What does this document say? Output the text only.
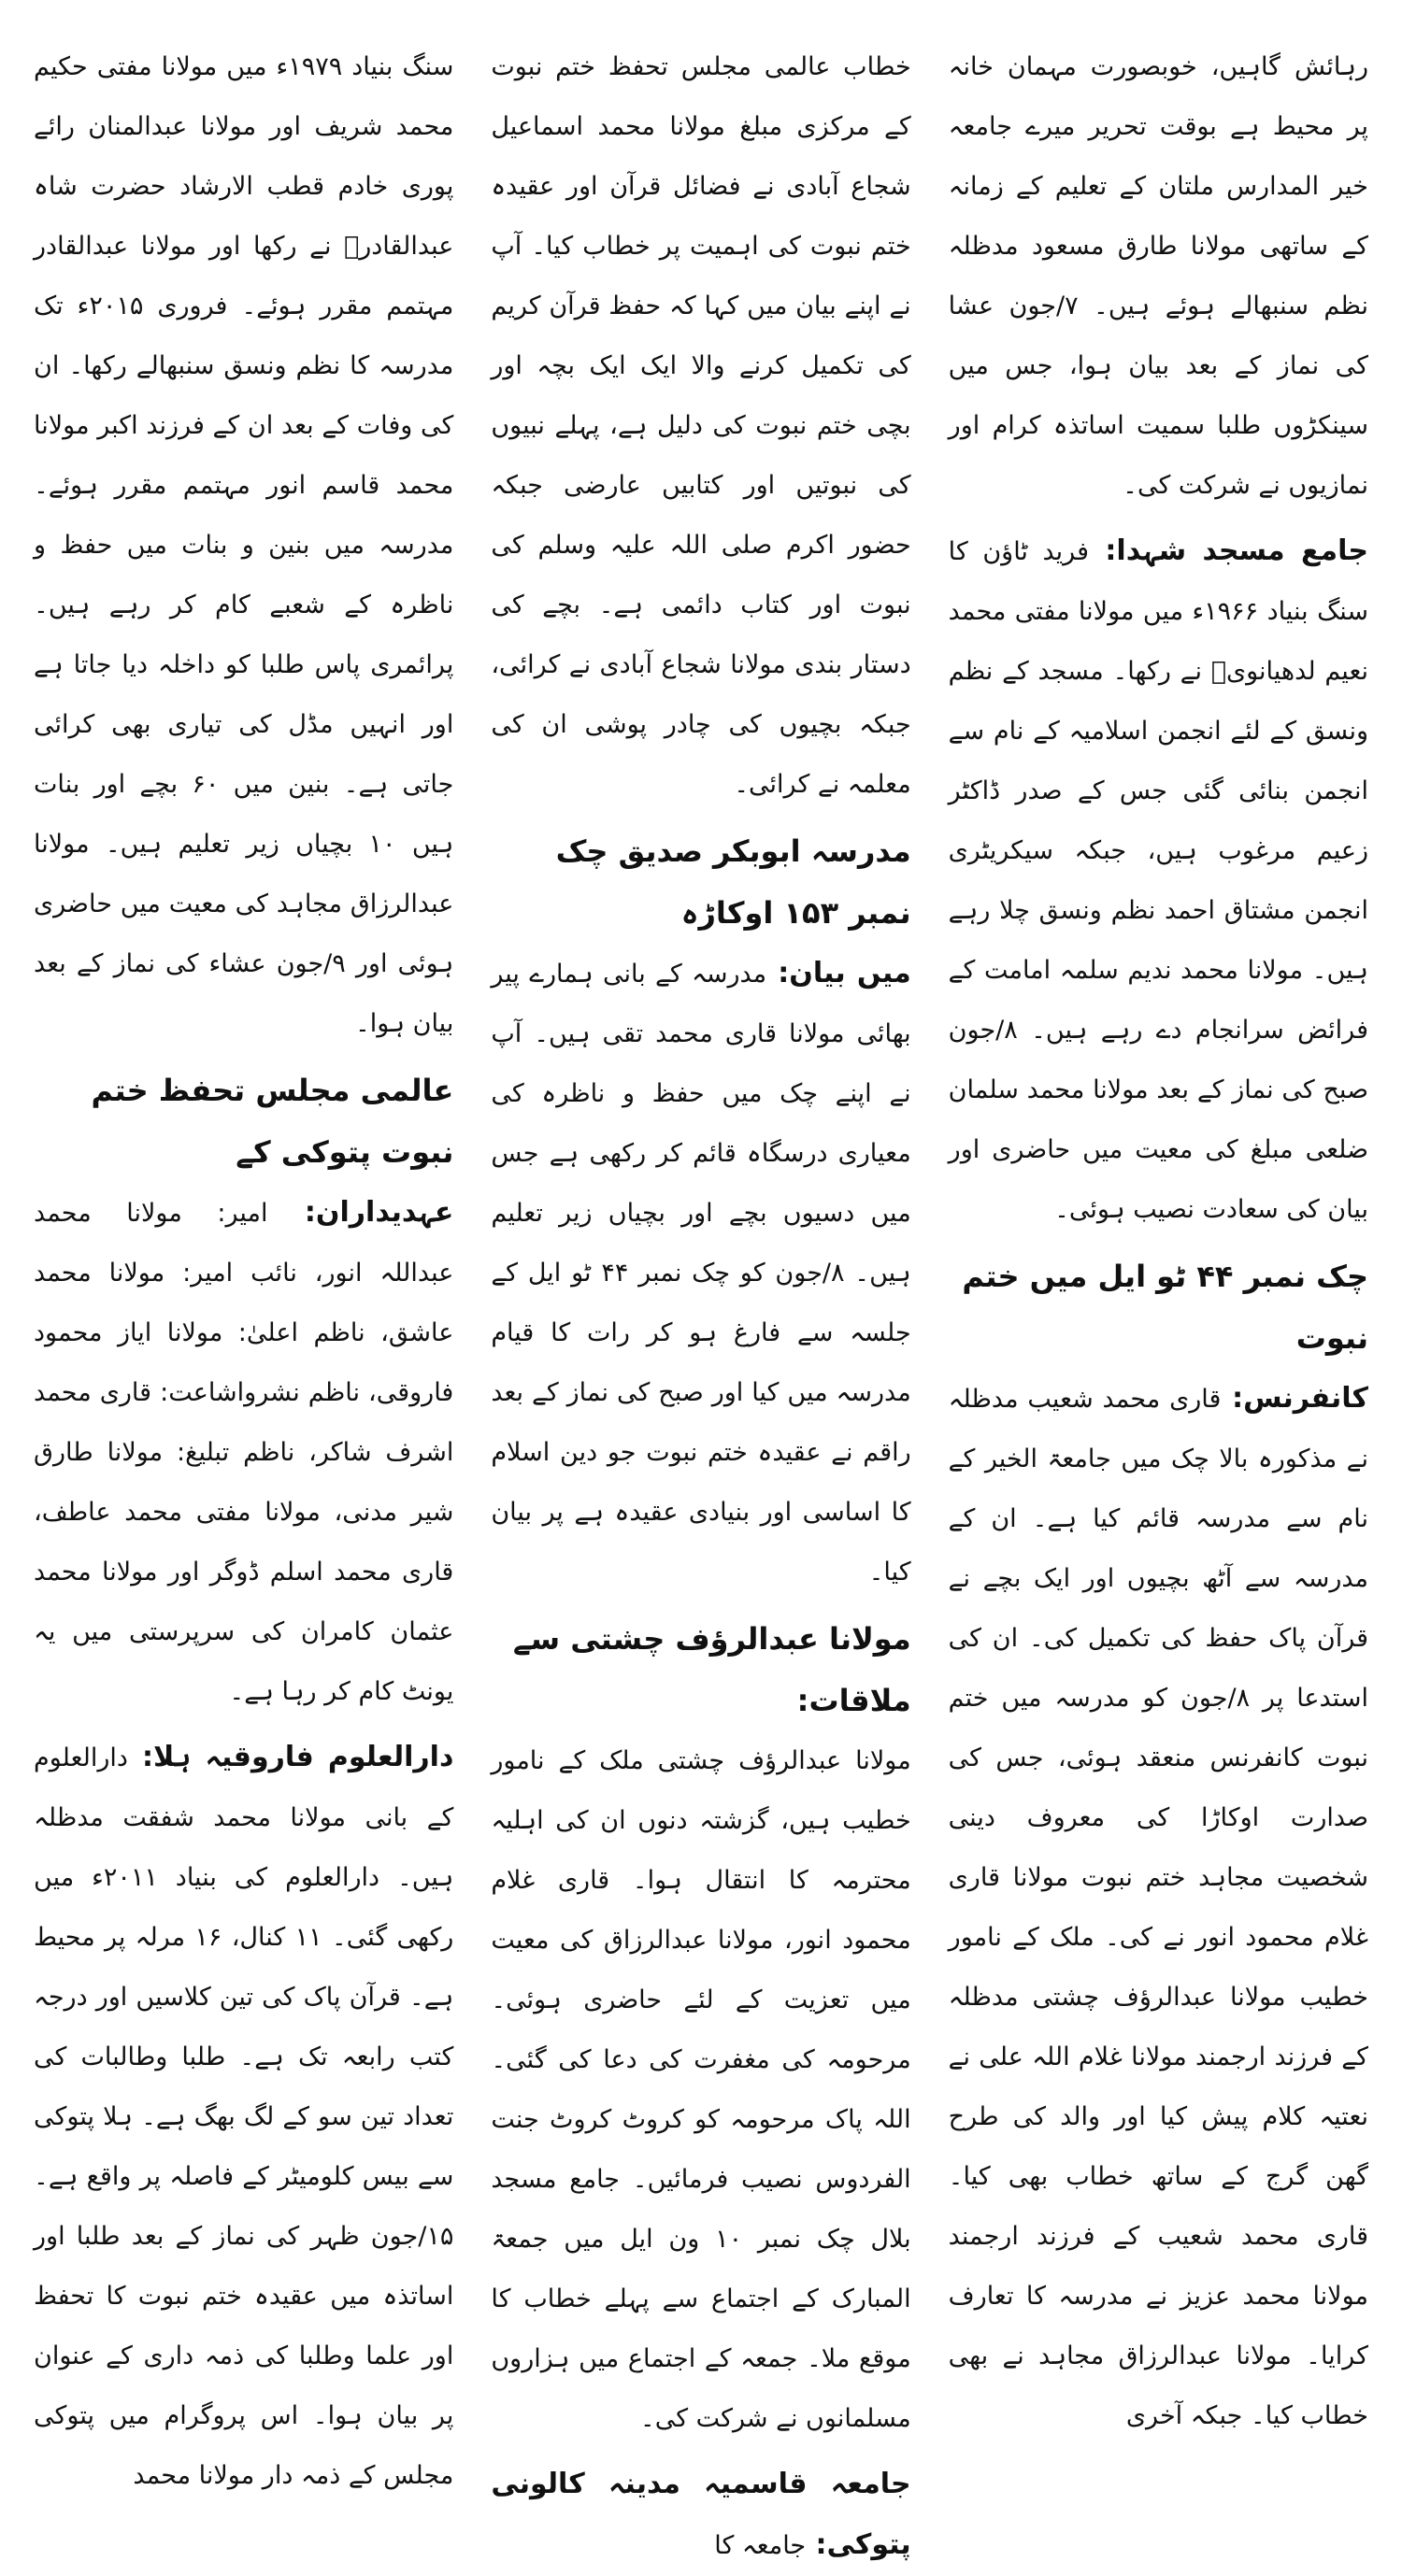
رہائش گاہیں، خوبصورت مہمان خانہ پر محیط ہے بوقت تحریر میرے جامعہ خیر المدارس ملتان کے تعلیم کے زمانہ کے ساتھی مولانا طارق مسعود مدظلہ نظم سنبھالے ہوئے ہیں۔ ۷/جون عشا کی نماز کے بعد بیان ہوا، جس میں سینکڑوں طلبا سمیت اساتذہ کرام اور نمازیوں نے شرکت کی۔

جامع مسجد شہدا: فرید ٹاؤن کا سنگ بنیاد ۱۹۶۶ء میں مولانا مفتی محمد نعیم لدھیانویؒ نے رکھا۔ مسجد کے نظم ونسق کے لئے انجمن اسلامیہ کے نام سے انجمن بنائی گئی جس کے صدر ڈاکٹر زعیم مرغوب ہیں، جبکہ سیکریٹری انجمن مشتاق احمد نظم ونسق چلا رہے ہیں۔ مولانا محمد ندیم سلمہ امامت کے فرائض سرانجام دے رہے ہیں۔ ۸/جون صبح کی نماز کے بعد مولانا محمد سلمان ضلعی مبلغ کی معیت میں حاضری اور بیان کی سعادت نصیب ہوئی۔

چک نمبر ۴۴ ٹو ایل میں ختم نبوت

کانفرنس: قاری محمد شعیب مدظلہ نے مذکورہ بالا چک میں جامعۃ الخیر کے نام سے مدرسہ قائم کیا ہے۔ ان کے مدرسہ سے آٹھ بچیوں اور ایک بچے نے قرآن پاک حفظ کی تکمیل کی۔ ان کی استدعا پر ۸/جون کو مدرسہ میں ختم نبوت کانفرنس منعقد ہوئی، جس کی صدارت اوکاڑا کی معروف دینی شخصیت مجاہد ختم نبوت مولانا قاری غلام محمود انور نے کی۔ ملک کے نامور خطیب مولانا عبدالرؤف چشتی مدظلہ کے فرزند ارجمند مولانا غلام اللہ علی نے نعتیہ کلام پیش کیا اور والد کی طرح گھن گرج کے ساتھ خطاب بھی کیا۔ قاری محمد شعیب کے فرزند ارجمند مولانا محمد عزیز نے مدرسہ کا تعارف کرایا۔ مولانا عبدالرزاق مجاہد نے بھی خطاب کیا۔ جبکہ آخری

خطاب عالمی مجلس تحفظ ختم نبوت کے مرکزی مبلغ مولانا محمد اسماعیل شجاع آبادی نے فضائل قرآن اور عقیدہ ختم نبوت کی اہمیت پر خطاب کیا۔ آپ نے اپنے بیان میں کہا کہ حفظ قرآن کریم کی تکمیل کرنے والا ایک ایک بچہ اور بچی ختم نبوت کی دلیل ہے، پہلے نبیوں کی نبوتیں اور کتابیں عارضی جبکہ حضور اکرم صلی اللہ علیہ وسلم کی نبوت اور کتاب دائمی ہے۔ بچے کی دستار بندی مولانا شجاع آبادی نے کرائی، جبکہ بچیوں کی چادر پوشی ان کی معلمہ نے کرائی۔

مدرسہ ابوبکر صدیق چک نمبر ۱۵۳ اوکاڑہ

میں بیان: مدرسہ کے بانی ہمارے پیر بھائی مولانا قاری محمد تقی ہیں۔ آپ نے اپنے چک میں حفظ و ناظرہ کی معیاری درسگاہ قائم کر رکھی ہے جس میں دسیوں بچے اور بچیاں زیر تعلیم ہیں۔ ۸/جون کو چک نمبر ۴۴ ٹو ایل کے جلسہ سے فارغ ہو کر رات کا قیام مدرسہ میں کیا اور صبح کی نماز کے بعد راقم نے عقیدہ ختم نبوت جو دین اسلام کا اساسی اور بنیادی عقیدہ ہے پر بیان کیا۔

مولانا عبدالرؤف چشتی سے ملاقات:

مولانا عبدالرؤف چشتی ملک کے نامور خطیب ہیں، گزشتہ دنوں ان کی اہلیہ محترمہ کا انتقال ہوا۔ قاری غلام محمود انور، مولانا عبدالرزاق کی معیت میں تعزیت کے لئے حاضری ہوئی۔ مرحومہ کی مغفرت کی دعا کی گئی۔ اللہ پاک مرحومہ کو کروٹ کروٹ جنت الفردوس نصیب فرمائیں۔ جامع مسجد بلال چک نمبر ۱۰ ون ایل میں جمعۃ المبارک کے اجتماع سے پہلے خطاب کا موقع ملا۔ جمعہ کے اجتماع میں ہزاروں مسلمانوں نے شرکت کی۔

جامعہ قاسمیہ مدینہ کالونی پتوکی: جامعہ کا

سنگ بنیاد ۱۹۷۹ء میں مولانا مفتی حکیم محمد شریف اور مولانا عبدالمنان رائے پوری خادم قطب الارشاد حضرت شاہ عبدالقادرؒ نے رکھا اور مولانا عبدالقادر مہتمم مقرر ہوئے۔ فروری ۲۰۱۵ء تک مدرسہ کا نظم ونسق سنبھالے رکھا۔ ان کی وفات کے بعد ان کے فرزند اکبر مولانا محمد قاسم انور مہتمم مقرر ہوئے۔ مدرسہ میں بنین و بنات میں حفظ و ناظرہ کے شعبے کام کر رہے ہیں۔ پرائمری پاس طلبا کو داخلہ دیا جاتا ہے اور انہیں مڈل کی تیاری بھی کرائی جاتی ہے۔ بنین میں ۶۰ بچے اور بنات ہیں ۱۰ بچیاں زیر تعلیم ہیں۔ مولانا عبدالرزاق مجاہد کی معیت میں حاضری ہوئی اور ۹/جون عشاء کی نماز کے بعد بیان ہوا۔

عالمی مجلس تحفظ ختم نبوت پتوکی کے

عہدیداران: امیر: مولانا محمد عبداللہ انور، نائب امیر: مولانا محمد عاشق، ناظم اعلیٰ: مولانا ایاز محمود فاروقی، ناظم نشرواشاعت: قاری محمد اشرف شاکر، ناظم تبلیغ: مولانا طارق شیر مدنی، مولانا مفتی محمد عاطف، قاری محمد اسلم ڈوگر اور مولانا محمد عثمان کامران کی سرپرستی میں یہ یونٹ کام کر رہا ہے۔

دارالعلوم فاروقیہ ہلا: دارالعلوم کے بانی مولانا محمد شفقت مدظلہ ہیں۔ دارالعلوم کی بنیاد ۲۰۱۱ء میں رکھی گئی۔ ۱۱ کنال، ۱۶ مرلہ پر محیط ہے۔ قرآن پاک کی تین کلاسیں اور درجہ کتب رابعہ تک ہے۔ طلبا وطالبات کی تعداد تین سو کے لگ بھگ ہے۔ ہلا پتوکی سے بیس کلومیٹر کے فاصلہ پر واقع ہے۔ ۱۵/جون ظہر کی نماز کے بعد طلبا اور اساتذہ میں عقیدہ ختم نبوت کا تحفظ اور علما وطلبا کی ذمہ داری کے عنوان پر بیان ہوا۔ اس پروگرام میں پتوکی مجلس کے ذمہ دار مولانا محمد
